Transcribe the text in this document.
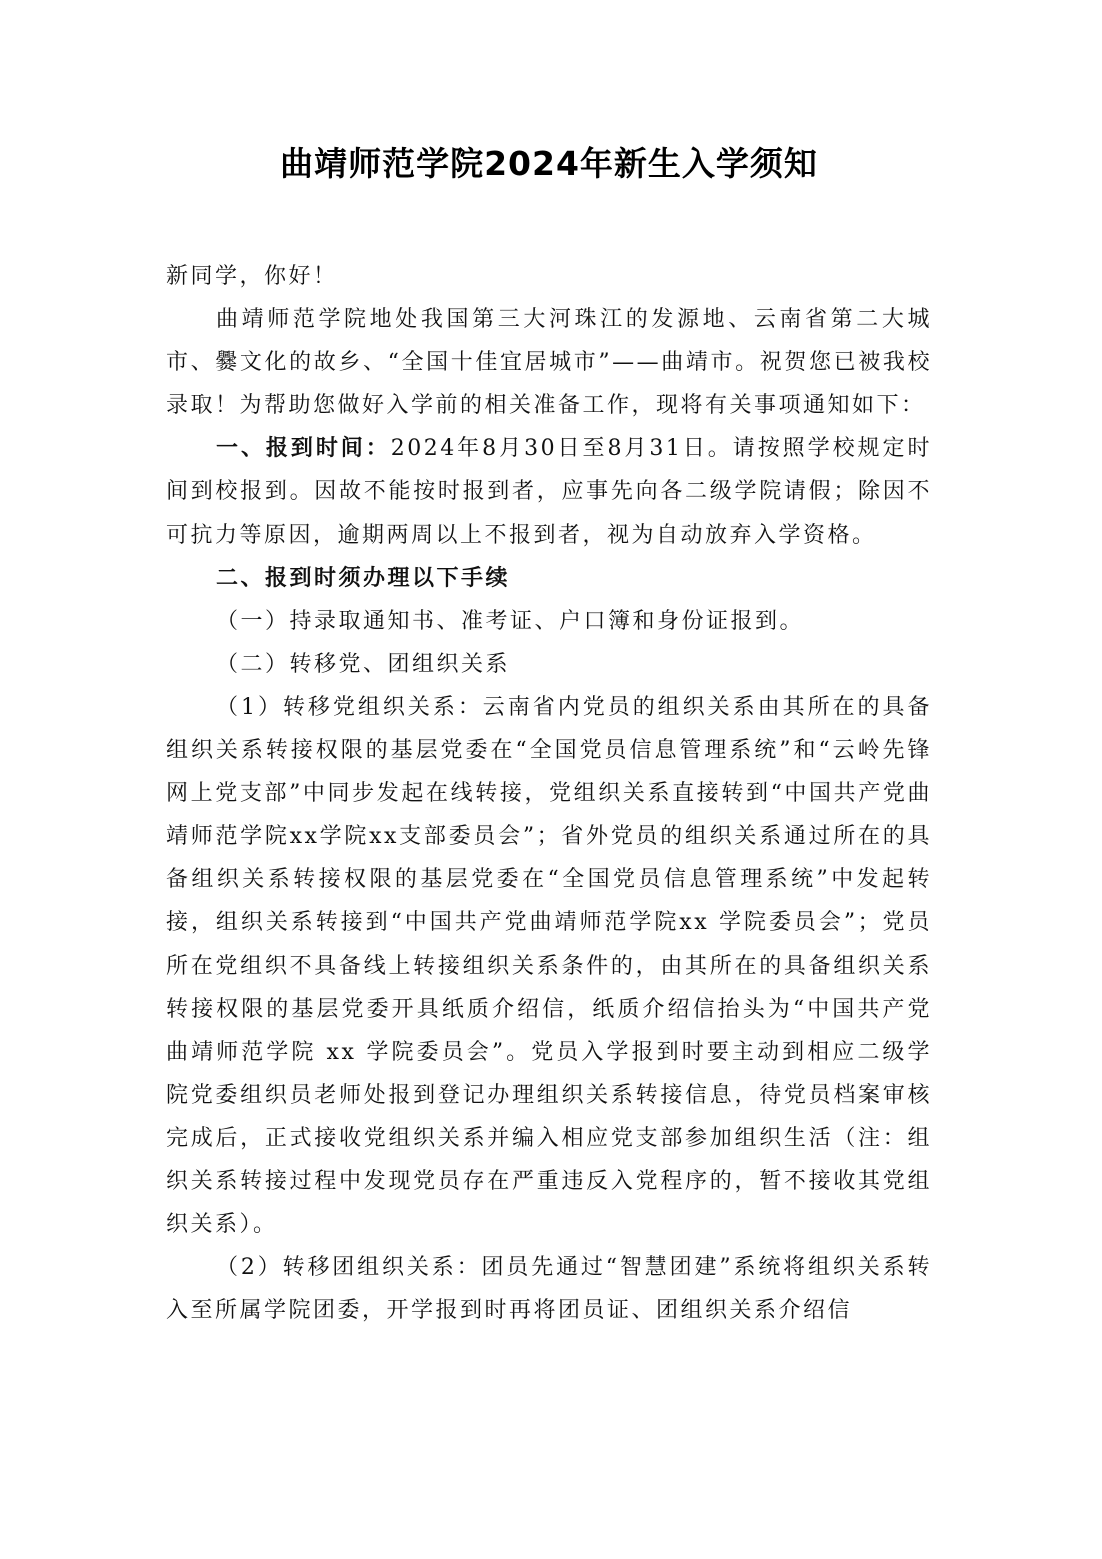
曲靖师范学院2024年新生入学须知

新同学，你好！

曲靖师范学院地处我国第三大河珠江的发源地、云南省第二大城市、爨文化的故乡、“全国十佳宜居城市”——曲靖市。祝贺您已被我校录取！为帮助您做好入学前的相关准备工作，现将有关事项通知如下：

一、报到时间：2024年8月30日至8月31日。请按照学校规定时间到校报到。因故不能按时报到者，应事先向各二级学院请假；除因不可抗力等原因，逾期两周以上不报到者，视为自动放弃入学资格。

二、报到时须办理以下手续

（一）持录取通知书、准考证、户口簿和身份证报到。

（二）转移党、团组织关系

（1）转移党组织关系：云南省内党员的组织关系由其所在的具备组织关系转接权限的基层党委在“全国党员信息管理系统”和“云岭先锋网上党支部”中同步发起在线转接，党组织关系直接转到“中国共产党曲靖师范学院xx学院xx支部委员会”；省外党员的组织关系通过所在的具备组织关系转接权限的基层党委在“全国党员信息管理系统”中发起转接，组织关系转接到“中国共产党曲靖师范学院xx 学院委员会”；党员所在党组织不具备线上转接组织关系条件的，由其所在的具备组织关系转接权限的基层党委开具纸质介绍信，纸质介绍信抬头为“中国共产党曲靖师范学院 xx 学院委员会”。党员入学报到时要主动到相应二级学院党委组织员老师处报到登记办理组织关系转接信息，待党员档案审核完成后，正式接收党组织关系并编入相应党支部参加组织生活（注：组织关系转接过程中发现党员存在严重违反入党程序的，暂不接收其党组织关系）。

（2）转移团组织关系：团员先通过“智慧团建”系统将组织关系转入至所属学院团委，开学报到时再将团员证、团组织关系介绍信
